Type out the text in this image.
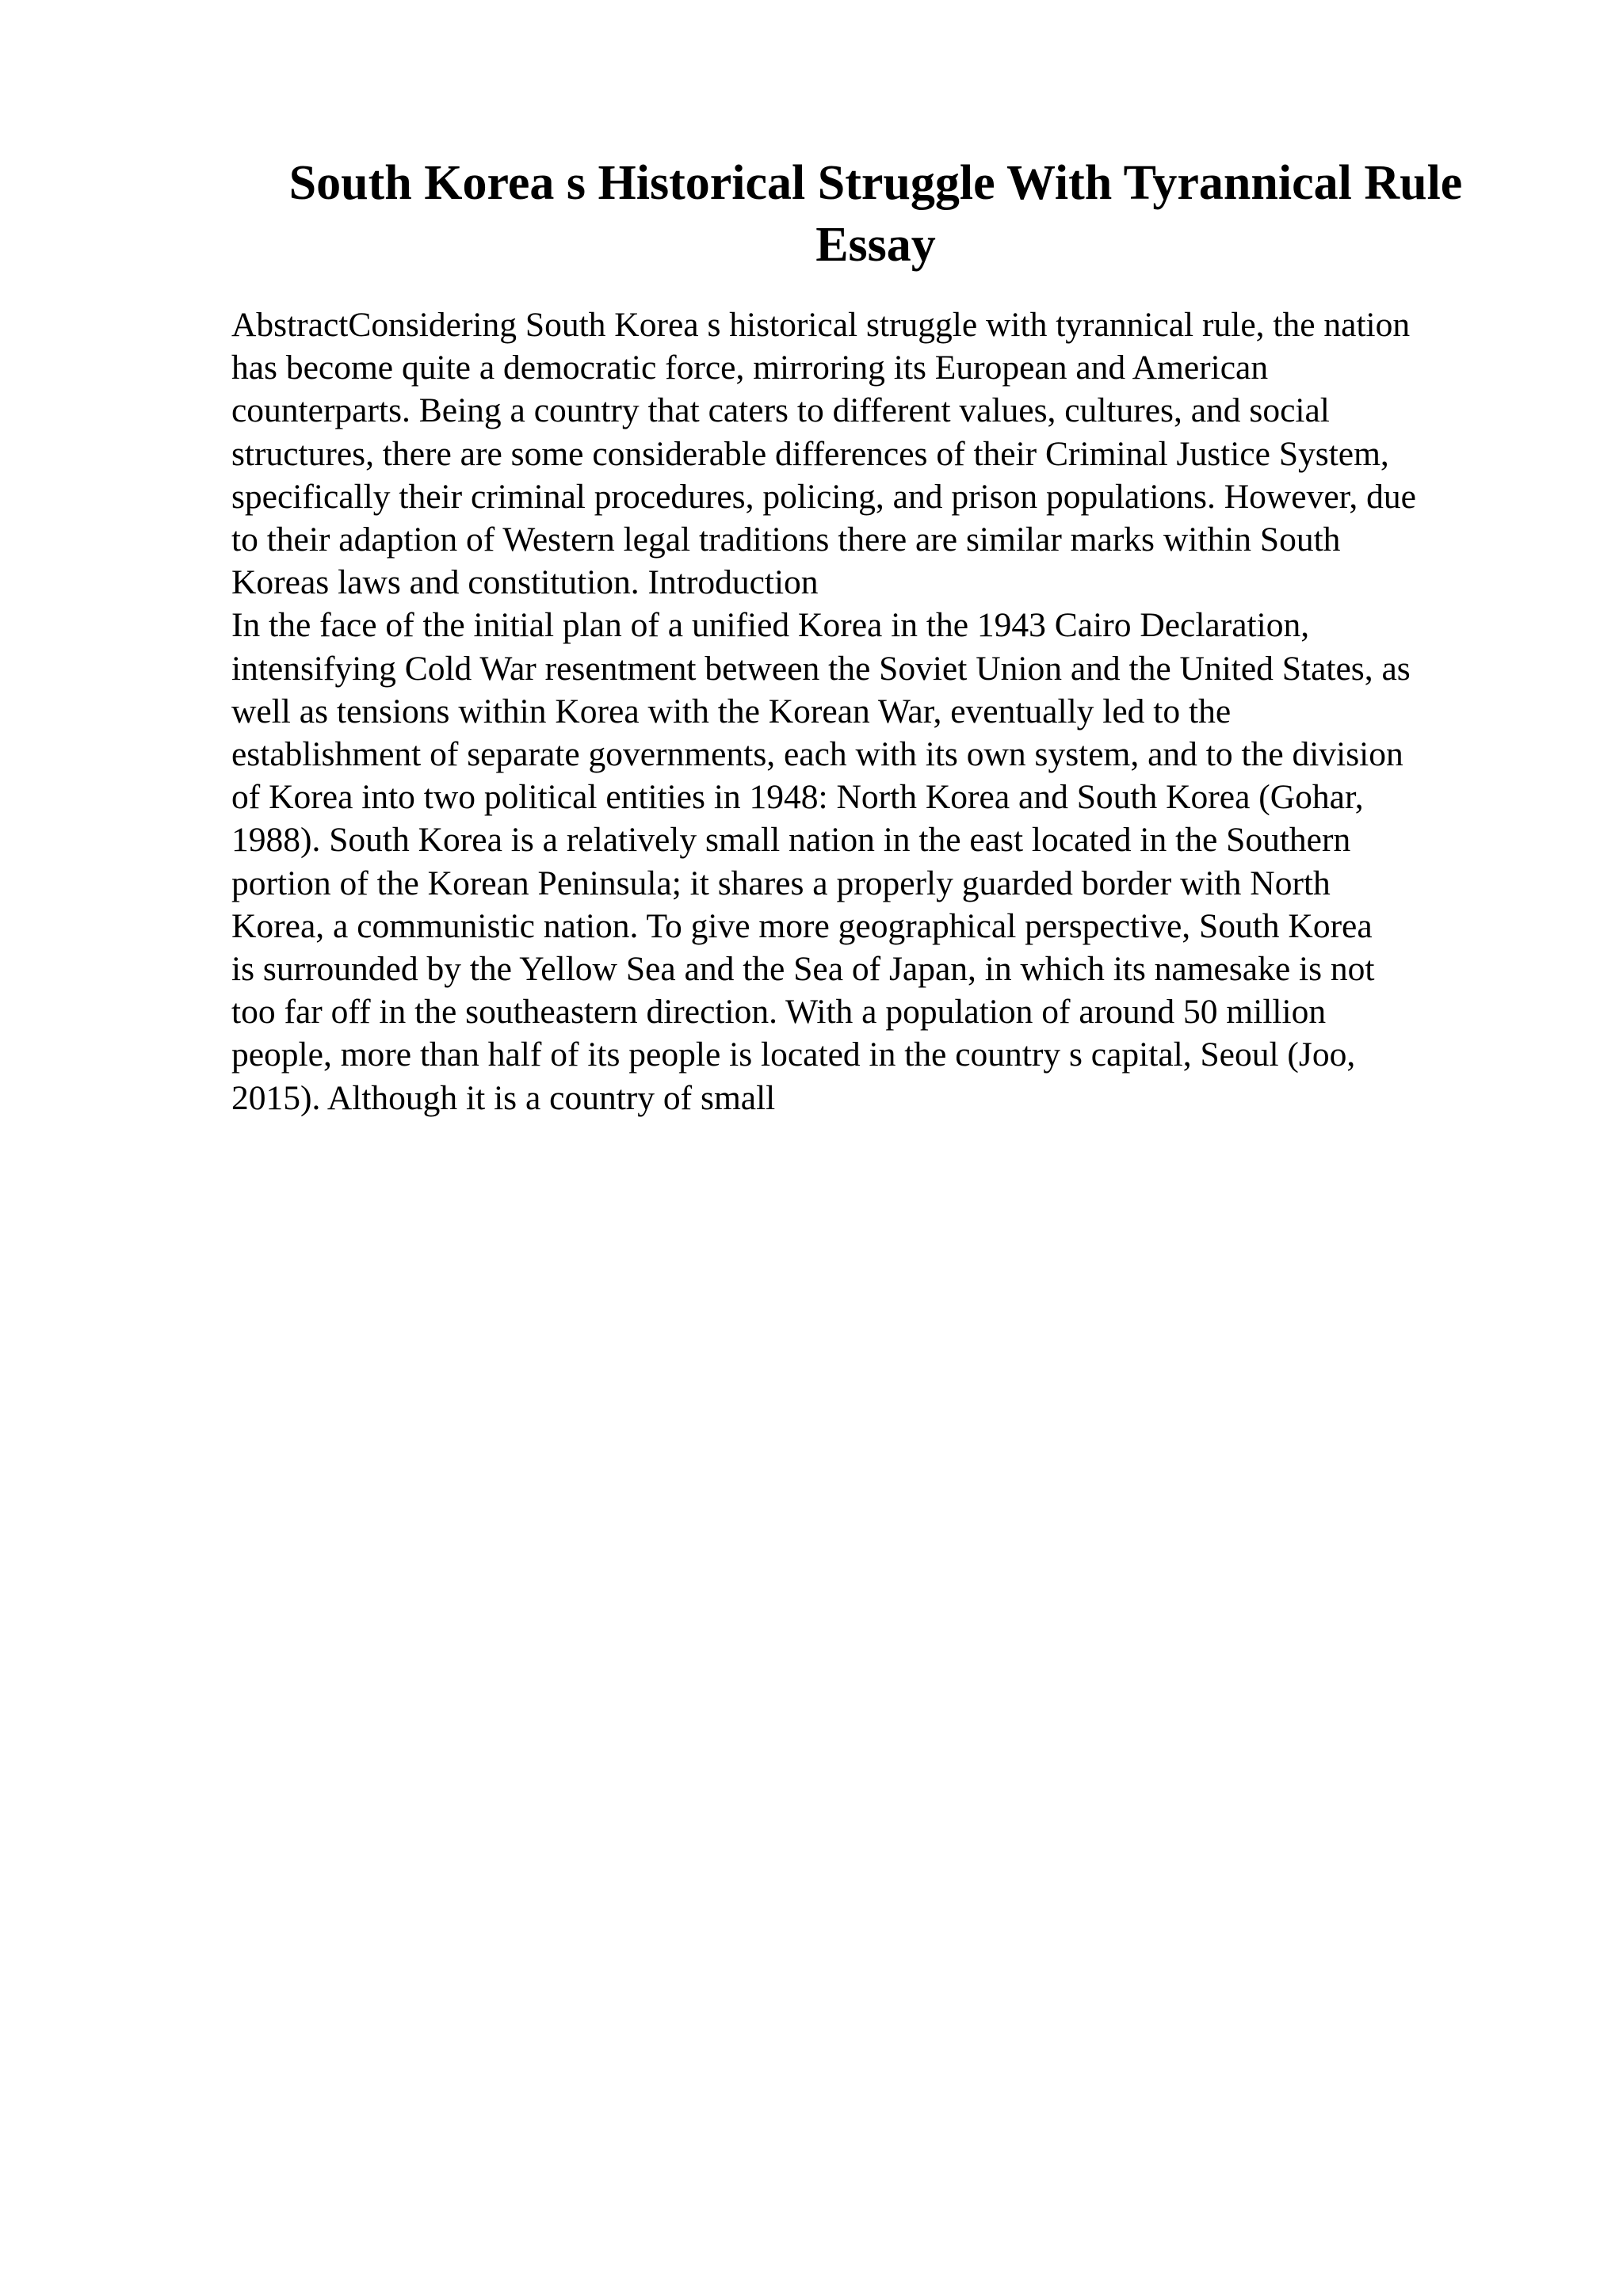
South Korea s Historical Struggle With Tyrannical Rule
Essay
AbstractConsidering South Korea s historical struggle with tyrannical rule, the nation
has become quite a democratic force, mirroring its European and American
counterparts. Being a country that caters to different values, cultures, and social
structures, there are some considerable differences of their Criminal Justice System,
specifically their criminal procedures, policing, and prison populations. However, due
to their adaption of Western legal traditions there are similar marks within South
Koreas laws and constitution. Introduction
In the face of the initial plan of a unified Korea in the 1943 Cairo Declaration,
intensifying Cold War resentment between the Soviet Union and the United States, as
well as tensions within Korea with the Korean War, eventually led to the
establishment of separate governments, each with its own system, and to the division
of Korea into two political entities in 1948: North Korea and South Korea (Gohar,
1988). South Korea is a relatively small nation in the east located in the Southern
portion of the Korean Peninsula; it shares a properly guarded border with North
Korea, a communistic nation. To give more geographical perspective, South Korea
is surrounded by the Yellow Sea and the Sea of Japan, in which its namesake is not
too far off in the southeastern direction. With a population of around 50 million
people, more than half of its people is located in the country s capital, Seoul (Joo,
2015). Although it is a country of small
